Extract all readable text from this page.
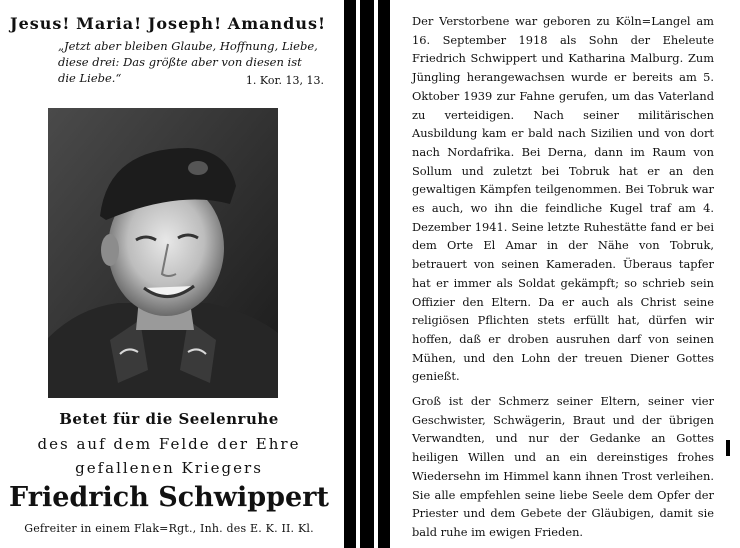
Jesus! Maria! Joseph! Amandus!
„Jetzt aber bleiben Glaube, Hoffnung, Liebe, diese drei: Das größte aber von diesen ist die Liebe.“	1. Kor. 13, 13.
Betet für die Seelenruhe
des auf dem Felde der Ehre
gefallenen Kriegers
Friedrich Schwippert
Gefreiter in einem Flak=Rgt., Inh. des E. K. II. Kl.

Der Verstorbene war geboren zu Köln=Langel am 16. September 1918 als Sohn der Eheleute Friedrich Schwippert und Katharina Malburg. Zum Jüngling herangewachsen wurde er bereits am 5. Oktober 1939 zur Fahne gerufen, um das Vaterland zu verteidigen. Nach seiner militärischen Ausbildung kam er bald nach Sizilien und von dort nach Nordafrika. Bei Derna, dann im Raum von Sollum und zuletzt bei Tobruk hat er an den gewaltigen Kämpfen teilgenommen. Bei Tobruk war es auch, wo ihn die feindliche Kugel traf am 4. Dezember 1941. Seine letzte Ruhestätte fand er bei dem Orte El Amar in der Nähe von Tobruk, betrauert von seinen Kameraden. Überaus tapfer hat er immer als Soldat gekämpft; so schrieb sein Offizier den Eltern. Da er auch als Christ seine religiösen Pflichten stets erfüllt hat, dürfen wir hoffen, daß er droben ausruhen darf von seinen Mühen, und den Lohn der treuen Diener Gottes genießt.

Groß ist der Schmerz seiner Eltern, seiner vier Geschwister, Schwägerin, Braut und der übrigen Verwandten, und nur der Gedanke an Gottes heiligen Willen und an ein dereinstiges frohes Wiedersehn im Himmel kann ihnen Trost verleihen. Sie alle empfehlen seine liebe Seele dem Opfer der Priester und dem Gebete der Gläubigen, damit sie bald ruhe im ewigen Frieden.
